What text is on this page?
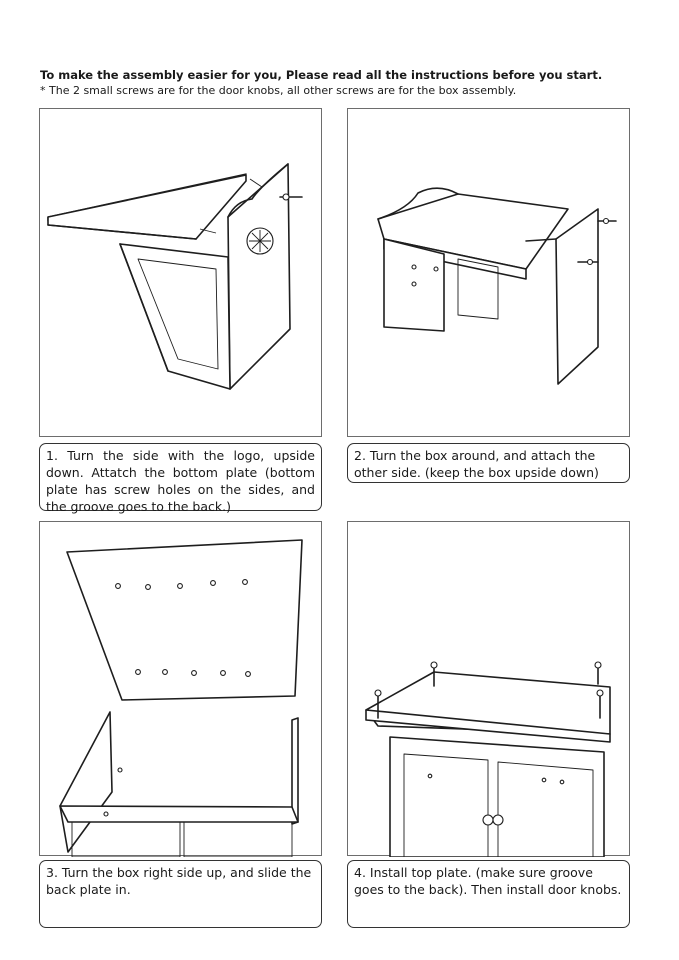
To make the assembly easier for you, Please read all the instructions before you start.

* The 2 small screws are for the door knobs, all other screws are for the box assembly.

1. Turn the side with the logo, upside down. Attatch the bottom plate (bottom plate has screw holes on the sides, and the groove goes to the back.)
2. Turn the box around, and attach the other side. (keep the box upside down)
3. Turn the box right side up, and slide the back plate in.
4. Install top plate. (make sure groove goes to the back). Then install door knobs.
